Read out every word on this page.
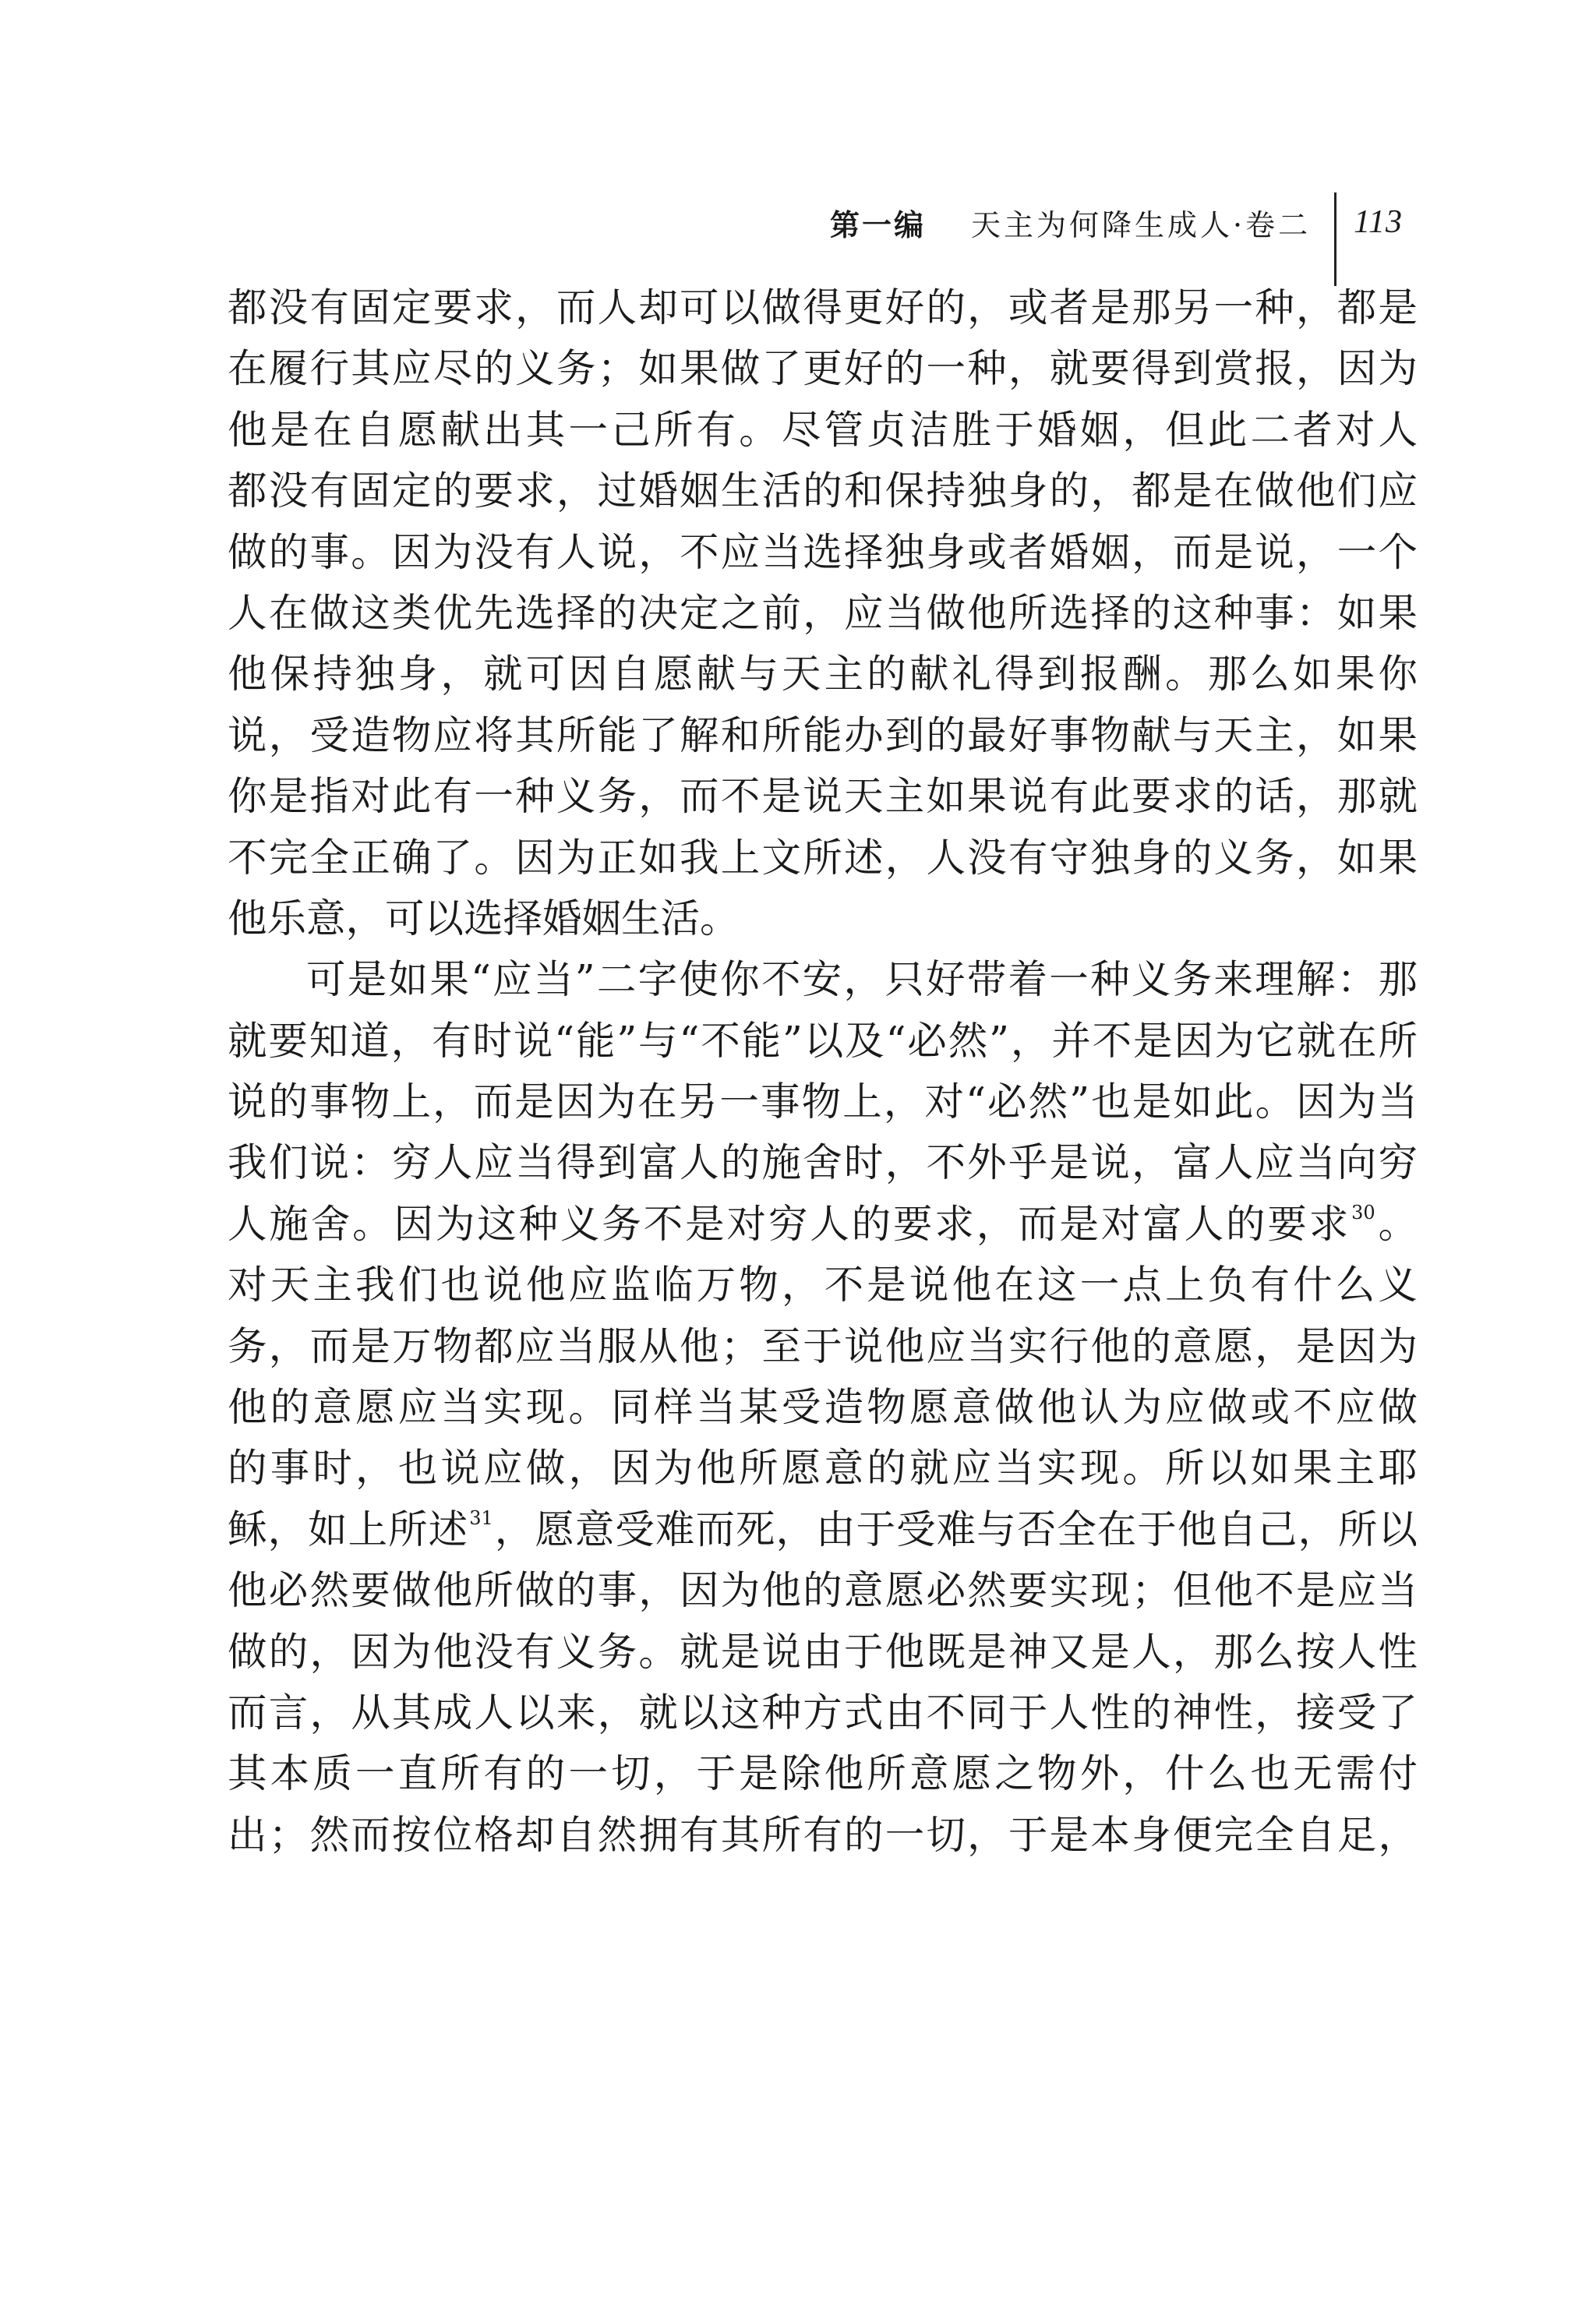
第一编 天主为何降生成人·卷二 113
都没有固定要求，而人却可以做得更好的，或者是那另一种，都是
在履行其应尽的义务；如果做了更好的一种，就要得到赏报，因为
他是在自愿献出其一己所有。尽管贞洁胜于婚姻，但此二者对人
都没有固定的要求，过婚姻生活的和保持独身的，都是在做他们应
做的事。因为没有人说，不应当选择独身或者婚姻，而是说，一个
人在做这类优先选择的决定之前，应当做他所选择的这种事：如果
他保持独身，就可因自愿献与天主的献礼得到报酬。那么如果你
说，受造物应将其所能了解和所能办到的最好事物献与天主，如果
你是指对此有一种义务，而不是说天主如果说有此要求的话，那就
不完全正确了。因为正如我上文所述，人没有守独身的义务，如果
他乐意，可以选择婚姻生活。
可是如果“应当”二字使你不安，只好带着一种义务来理解：那
就要知道，有时说“能”与“不能”以及“必然”，并不是因为它就在所
说的事物上，而是因为在另一事物上，对“必然”也是如此。因为当
我们说：穷人应当得到富人的施舍时，不外乎是说，富人应当向穷
人施舍。因为这种义务不是对穷人的要求，而是对富人的要求$^{30}$。
对天主我们也说他应监临万物，不是说他在这一点上负有什么义
务，而是万物都应当服从他；至于说他应当实行他的意愿，是因为
他的意愿应当实现。同样当某受造物愿意做他认为应做或不应做
的事时，也说应做，因为他所愿意的就应当实现。所以如果主耶
稣，如上所述$^{31}$，愿意受难而死，由于受难与否全在于他自己，所以
他必然要做他所做的事，因为他的意愿必然要实现；但他不是应当
做的，因为他没有义务。就是说由于他既是神又是人，那么按人性
而言，从其成人以来，就以这种方式由不同于人性的神性，接受了
其本质一直所有的一切，于是除他所意愿之物外，什么也无需付
出；然而按位格却自然拥有其所有的一切，于是本身便完全自足，
